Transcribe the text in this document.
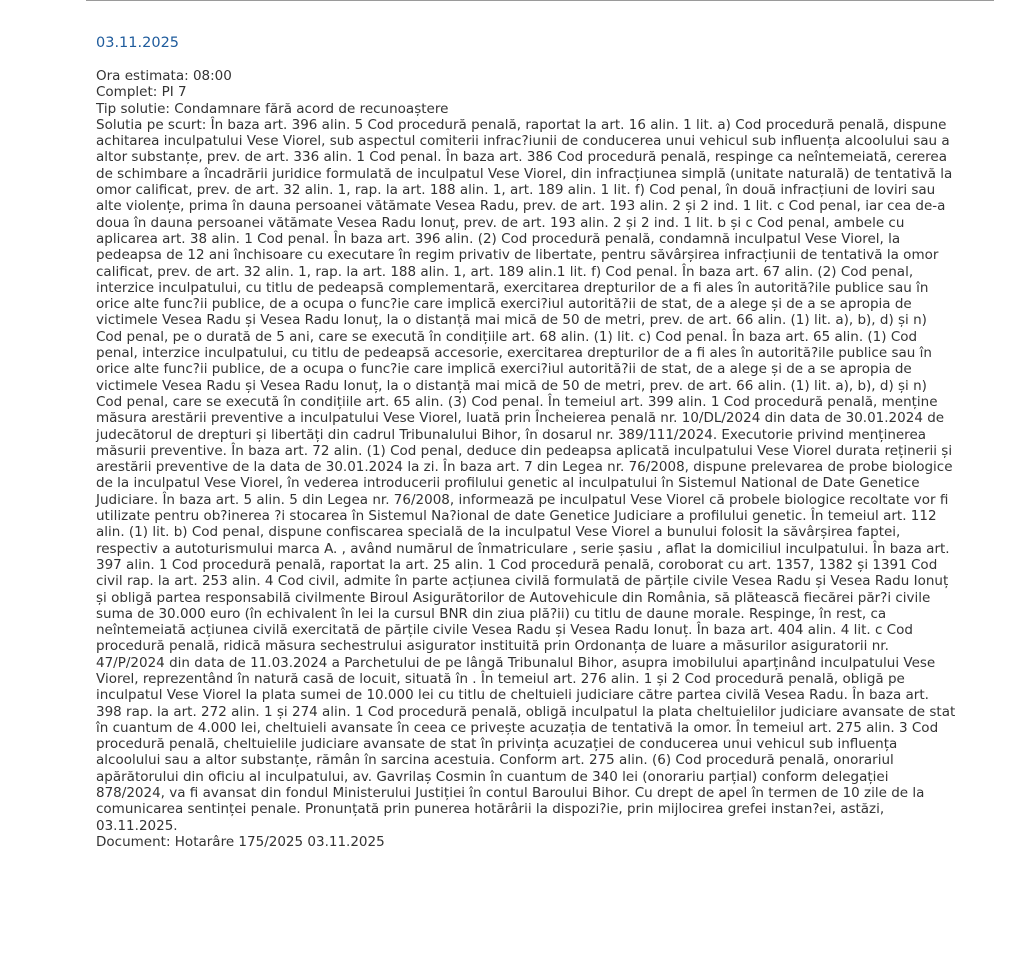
03.11.2025
Ora estimata: 08:00
Complet: PI 7
Tip solutie: Condamnare fără acord de recunoaștere
Solutia pe scurt: În baza art. 396 alin. 5 Cod procedură penală, raportat la art. 16 alin. 1 lit. a) Cod procedură penală, dispune
achitarea inculpatului Vese Viorel, sub aspectul comiterii infrac?iunii de conducerea unui vehicul sub influența alcoolului sau a
altor substanțe, prev. de art. 336 alin. 1 Cod penal. În baza art. 386 Cod procedură penală, respinge ca neîntemeiată, cererea
de schimbare a încadrării juridice formulată de inculpatul Vese Viorel, din infracțiunea simplă (unitate naturală) de tentativă la
omor calificat, prev. de art. 32 alin. 1, rap. la art. 188 alin. 1, art. 189 alin. 1 lit. f) Cod penal, în două infracțiuni de loviri sau
alte violențe, prima în dauna persoanei vătămate Vesea Radu, prev. de art. 193 alin. 2 și 2 ind. 1 lit. c Cod penal, iar cea de-a
doua în dauna persoanei vătămate Vesea Radu Ionuț, prev. de art. 193 alin. 2 și 2 ind. 1 lit. b și c Cod penal, ambele cu
aplicarea art. 38 alin. 1 Cod penal. În baza art. 396 alin. (2) Cod procedură penală, condamnă inculpatul Vese Viorel, la
pedeapsa de 12 ani închisoare cu executare în regim privativ de libertate, pentru săvârșirea infracțiunii de tentativă la omor
calificat, prev. de art. 32 alin. 1, rap. la art. 188 alin. 1, art. 189 alin.1 lit. f) Cod penal. În baza art. 67 alin. (2) Cod penal,
interzice inculpatului, cu titlu de pedeapsă complementară, exercitarea drepturilor de a fi ales în autorită?ile publice sau în
orice alte func?ii publice, de a ocupa o func?ie care implică exerci?iul autorită?ii de stat, de a alege și de a se apropia de
victimele Vesea Radu și Vesea Radu Ionuț, la o distanță mai mică de 50 de metri, prev. de art. 66 alin. (1) lit. a), b), d) și n)
Cod penal, pe o durată de 5 ani, care se execută în condițiile art. 68 alin. (1) lit. c) Cod penal. În baza art. 65 alin. (1) Cod
penal, interzice inculpatului, cu titlu de pedeapsă accesorie, exercitarea drepturilor de a fi ales în autorită?ile publice sau în
orice alte func?ii publice, de a ocupa o func?ie care implică exerci?iul autorită?ii de stat, de a alege și de a se apropia de
victimele Vesea Radu și Vesea Radu Ionuț, la o distanță mai mică de 50 de metri, prev. de art. 66 alin. (1) lit. a), b), d) și n)
Cod penal, care se execută în condițiile art. 65 alin. (3) Cod penal. În temeiul art. 399 alin. 1 Cod procedură penală, menține
măsura arestării preventive a inculpatului Vese Viorel, luată prin Încheierea penală nr. 10/DL/2024 din data de 30.01.2024 de
judecătorul de drepturi și libertăți din cadrul Tribunalului Bihor, în dosarul nr. 389/111/2024. Executorie privind menținerea
măsurii preventive. În baza art. 72 alin. (1) Cod penal, deduce din pedeapsa aplicată inculpatului Vese Viorel durata reținerii și
arestării preventive de la data de 30.01.2024 la zi. În baza art. 7 din Legea nr. 76/2008, dispune prelevarea de probe biologice
de la inculpatul Vese Viorel, în vederea introducerii profilului genetic al inculpatului în Sistemul National de Date Genetice
Judiciare. În baza art. 5 alin. 5 din Legea nr. 76/2008, informează pe inculpatul Vese Viorel că probele biologice recoltate vor fi
utilizate pentru ob?inerea ?i stocarea în Sistemul Na?ional de date Genetice Judiciare a profilului genetic. În temeiul art. 112
alin. (1) lit. b) Cod penal, dispune confiscarea specială de la inculpatul Vese Viorel a bunului folosit la săvârșirea faptei,
respectiv a autoturismului marca A. , având numărul de înmatriculare , serie șasiu , aflat la domiciliul inculpatului. În baza art.
397 alin. 1 Cod procedură penală, raportat la art. 25 alin. 1 Cod procedură penală, coroborat cu art. 1357, 1382 și 1391 Cod
civil rap. la art. 253 alin. 4 Cod civil, admite în parte acțiunea civilă formulată de părțile civile Vesea Radu și Vesea Radu Ionuț
și obligă partea responsabilă civilmente Biroul Asigurătorilor de Autovehicule din România, să plătească fiecărei păr?i civile
suma de 30.000 euro (în echivalent în lei la cursul BNR din ziua plă?ii) cu titlu de daune morale. Respinge, în rest, ca
neîntemeiată acțiunea civilă exercitată de părțile civile Vesea Radu și Vesea Radu Ionuț. În baza art. 404 alin. 4 lit. c Cod
procedură penală, ridică măsura sechestrului asigurator instituită prin Ordonanța de luare a măsurilor asiguratorii nr.
47/P/2024 din data de 11.03.2024 a Parchetului de pe lângă Tribunalul Bihor, asupra imobilului aparținând inculpatului Vese
Viorel, reprezentând în natură casă de locuit, situată în . În temeiul art. 276 alin. 1 și 2 Cod procedură penală, obligă pe
inculpatul Vese Viorel la plata sumei de 10.000 lei cu titlu de cheltuieli judiciare către partea civilă Vesea Radu. În baza art.
398 rap. la art. 272 alin. 1 și 274 alin. 1 Cod procedură penală, obligă inculpatul la plata cheltuielilor judiciare avansate de stat
în cuantum de 4.000 lei, cheltuieli avansate în ceea ce privește acuzația de tentativă la omor. În temeiul art. 275 alin. 3 Cod
procedură penală, cheltuielile judiciare avansate de stat în privința acuzației de conducerea unui vehicul sub influența
alcoolului sau a altor substanțe, rămân în sarcina acestuia. Conform art. 275 alin. (6) Cod procedură penală, onorariul
apărătorului din oficiu al inculpatului, av. Gavrilaș Cosmin în cuantum de 340 lei (onorariu parțial) conform delegației
878/2024, va fi avansat din fondul Ministerului Justiției în contul Baroului Bihor. Cu drept de apel în termen de 10 zile de la
comunicarea sentinței penale. Pronunțată prin punerea hotărârii la dispozi?ie, prin mijlocirea grefei instan?ei, astăzi,
03.11.2025.
Document: Hotarâre 175/2025 03.11.2025
